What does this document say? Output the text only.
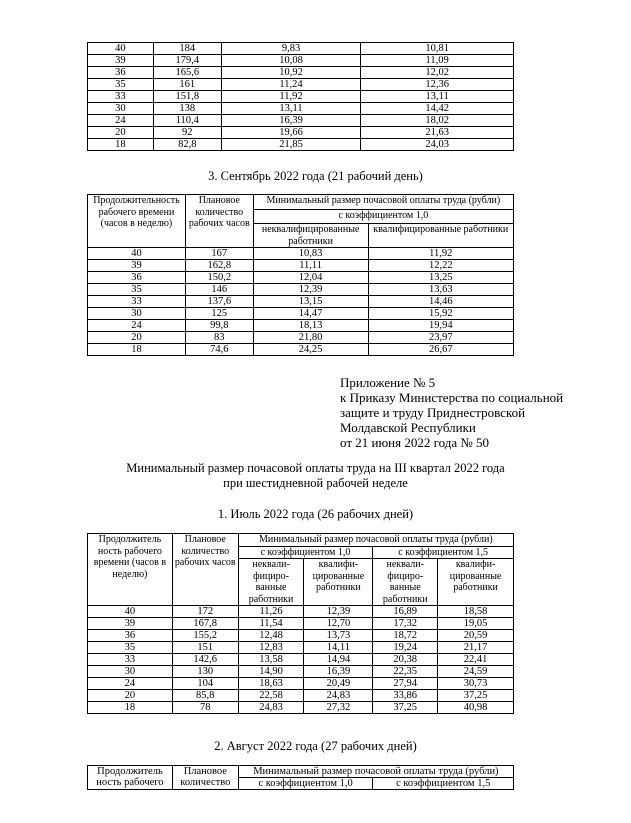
40	184	9,83	10,81
39	179,4	10,08	11,09
36	165,6	10,92	12,02
35	161	11,24	12,36
33	151,8	11,92	13,11
30	138	13,11	14,42
24	110,4	16,39	18,02
20	92	19,66	21,63
18	82,8	21,85	24,03
3. Сентябрь 2022 года (21 рабочий день)
Продолжительность рабочего времени (часов в неделю)	Плановое количество рабочих часов	Минимальный размер почасовой оплаты труда (рубли)	
		с коэффициентом 1,0	
		неквалифицированные работники	квалифицированные работники
40	167	10,83	11,92
39	162,8	11,11	12,22
36	150,2	12,04	13,25
35	146	12,39	13,63
33	137,6	13,15	14,46
30	125	14,47	15,92
24	99,8	18,13	19,94
20	83	21,80	23,97
18	74,6	24,25	26,67
Приложение № 5
к Приказу Министерства по социальной
защите и труду Приднестровской
Молдавской Республики
от 21 июня 2022 года № 50
Минимальный размер почасовой оплаты труда на III квартал 2022 года
при шестидневной рабочей неделе
1. Июль 2022 года (26 рабочих дней)
Продолжитель ность рабочего времени (часов в неделю)	Плановое количество рабочих часов	Минимальный размер почасовой оплаты труда (рубли)			
		с коэффициентом 1,0		с коэффициентом 1,5	
		неквали-фициро-ванные работники	квалифи-цированные работники	неквали-фициро-ванные работники	квалифи-цированные работники
40	172	11,26	12,39	16,89	18,58
39	167,8	11,54	12,70	17,32	19,05
36	155,2	12,48	13,73	18,72	20,59
35	151	12,83	14,11	19,24	21,17
33	142,6	13,58	14,94	20,38	22,41
30	130	14,90	16,39	22,35	24,59
24	104	18,63	20,49	27,94	30,73
20	85,8	22,58	24,83	33,86	37,25
18	78	24,83	27,32	37,25	40,98
2. Август 2022 года (27 рабочих дней)
Продолжитель ность рабочего	Плановое количество	Минимальный размер почасовой оплаты труда (рубли)	
		с коэффициентом 1,0	с коэффициентом 1,5
